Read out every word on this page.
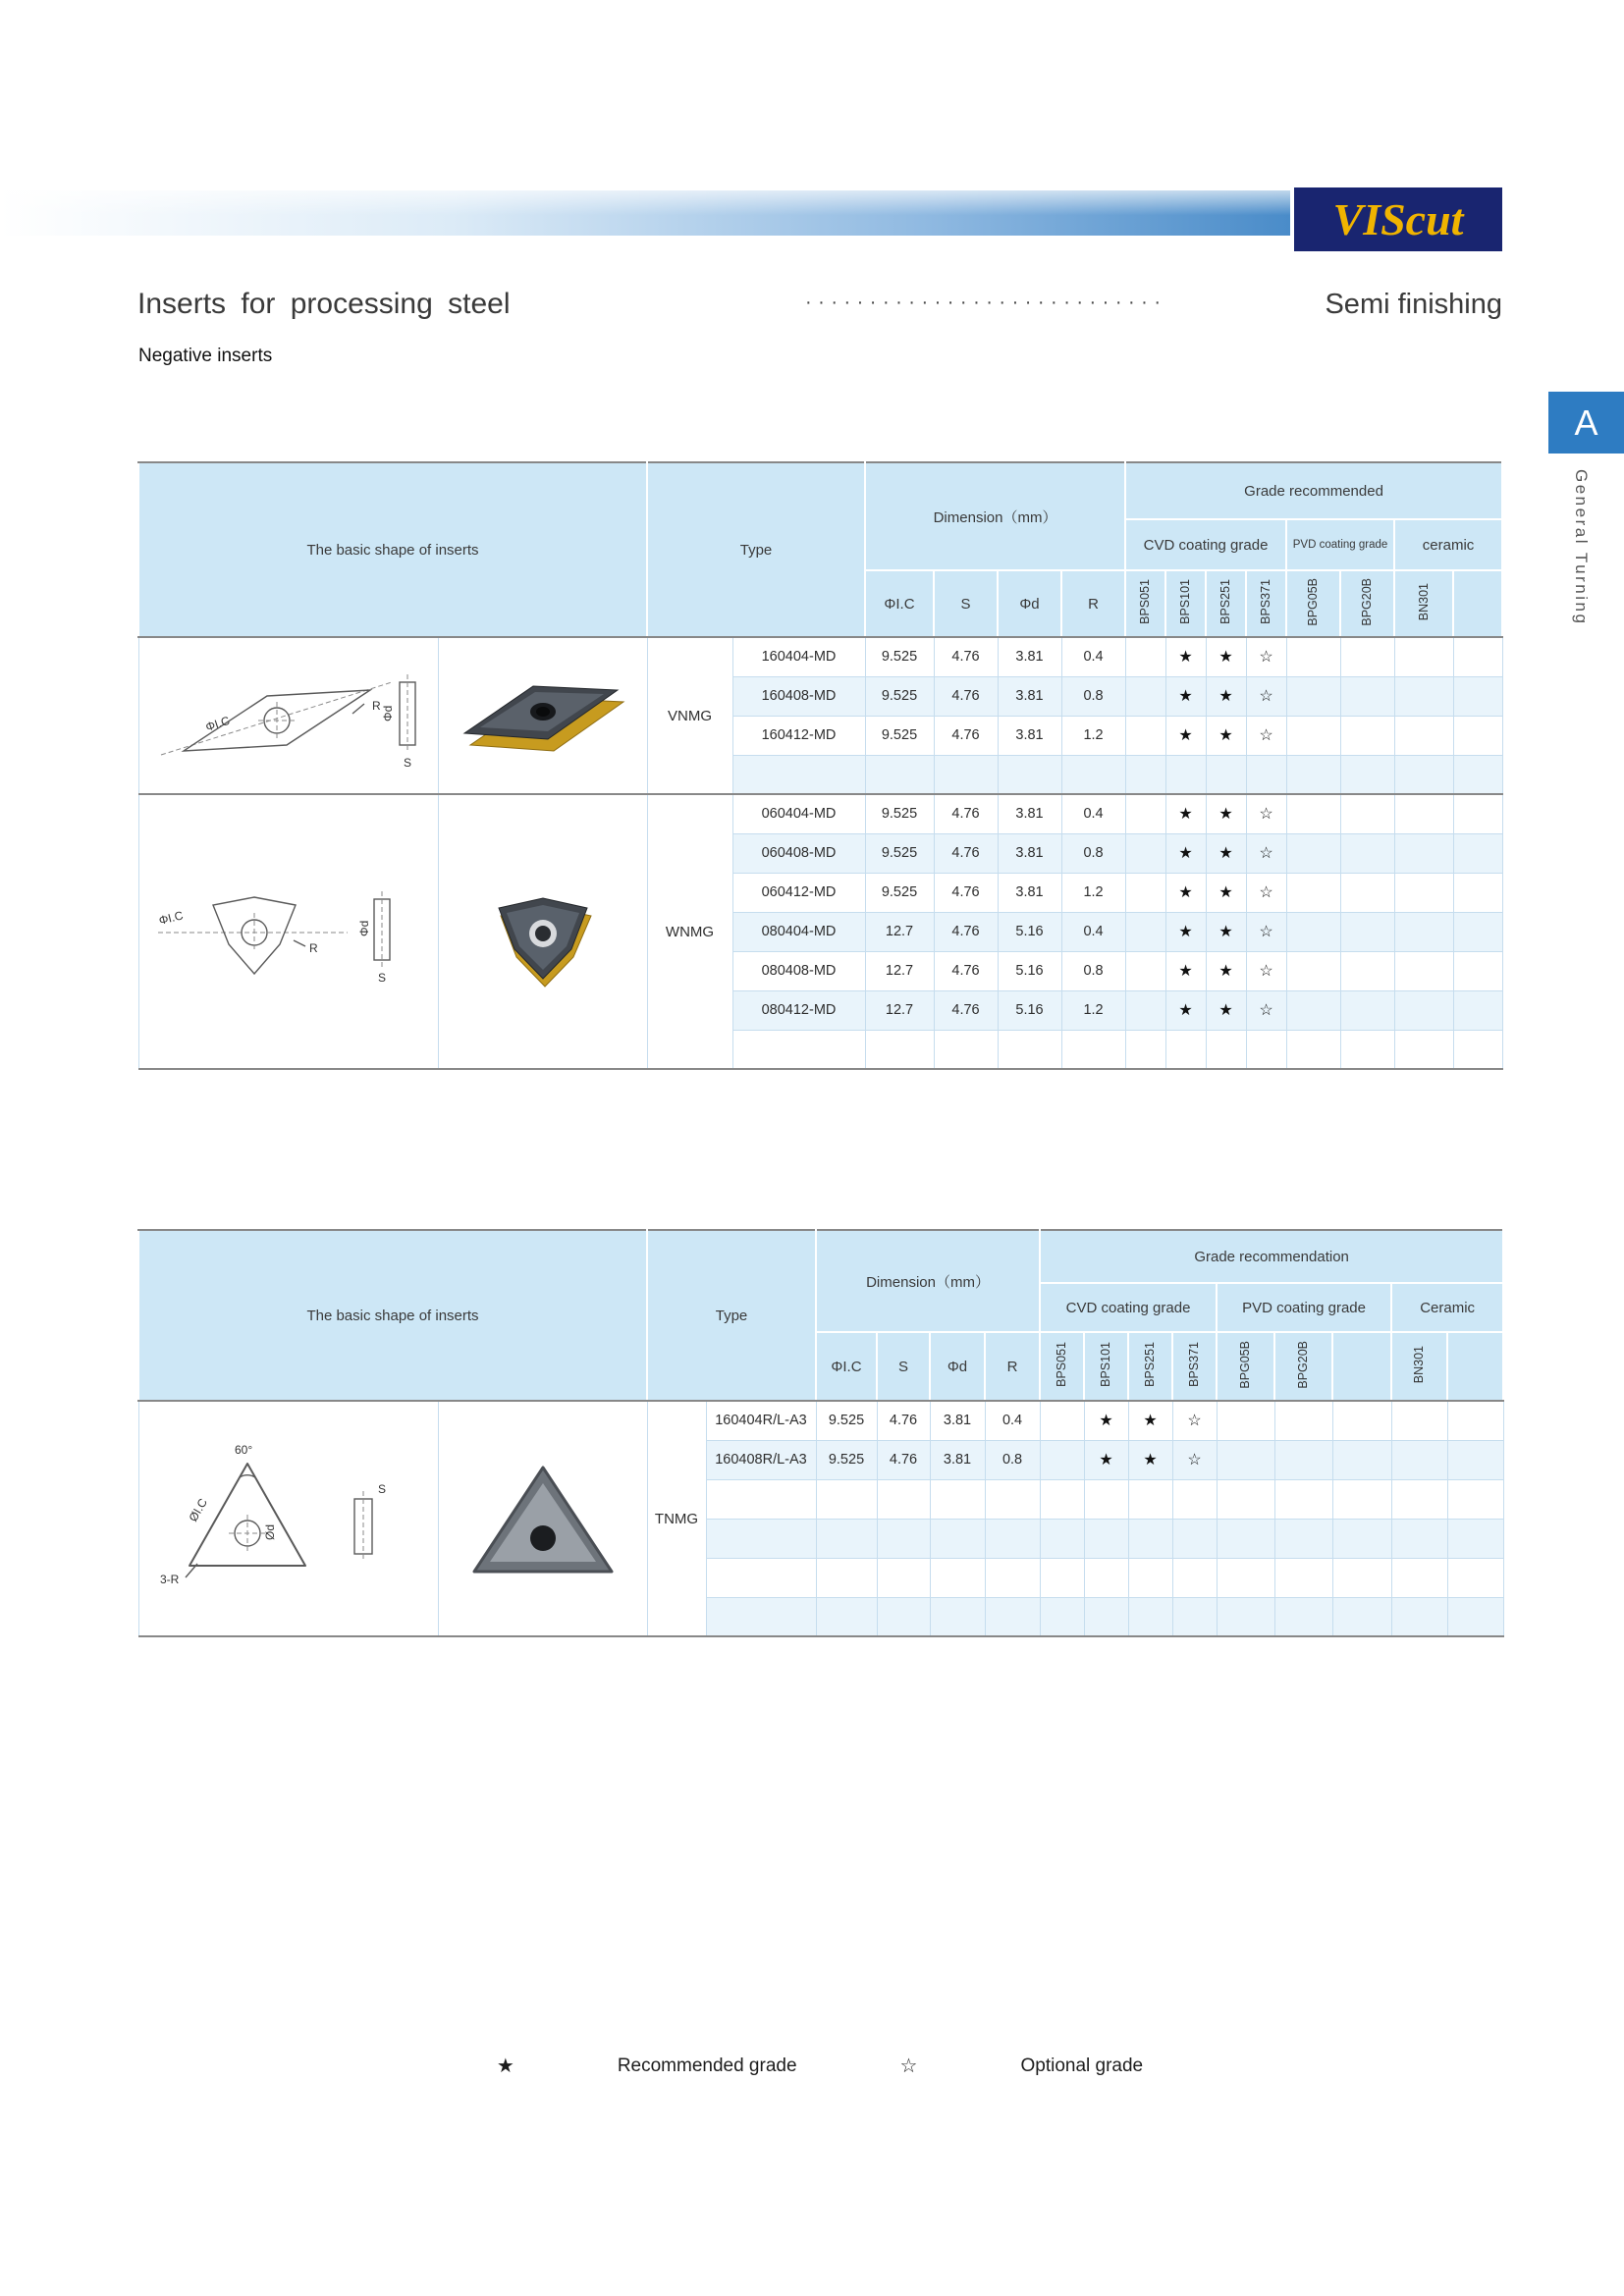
VIScut
Inserts for processing steel	····························	Semi finishing
Negative inserts
A
General Turning
The basic shape of inserts		Type		Dimension（mm）				Grade recommended							
								CVD coating grade				PVD coating grade		ceramic	
				ΦI.C	S	Φd	R	BPS051	BPS101	BPS251	BPS371	BPG05B	BPG20B	BN301	

ΦI.C
R Φd
S		VNMG	160404-MD	9.525	4.76	3.81	0.4		★	★	☆				
			160408-MD	9.525	4.76	3.81	0.8		★	★	☆				
			160412-MD	9.525	4.76	3.81	1.2		★	★	☆				

ΦI.C
R
Φd
S		WNMG	060404-MD	9.525	4.76	3.81	0.4		★	★	☆				
			060408-MD	9.525	4.76	3.81	0.8		★	★	☆				
			060412-MD	9.525	4.76	3.81	1.2		★	★	☆				
			080404-MD	12.7	4.76	5.16	0.4		★	★	☆				
			080408-MD	12.7	4.76	5.16	0.8		★	★	☆				
			080412-MD	12.7	4.76	5.16	1.2		★	★	☆				

The basic shape of inserts		Type		Dimension（mm）				Grade recommendation								
								CVD coating grade				PVD coating grade			Ceramic	
				ΦI.C	S	Φd	R	BPS051	BPS101	BPS251	BPS371	BPG05B	BPG20B		BN301	

60°
ØI.C
3-R
Ød
S		TNMG	160404R/L-A3	9.525	4.76	3.81	0.4		★	★	☆					
			160408R/L-A3	9.525	4.76	3.81	0.8		★	★	☆					

★	Recommended grade	☆	Optional grade
